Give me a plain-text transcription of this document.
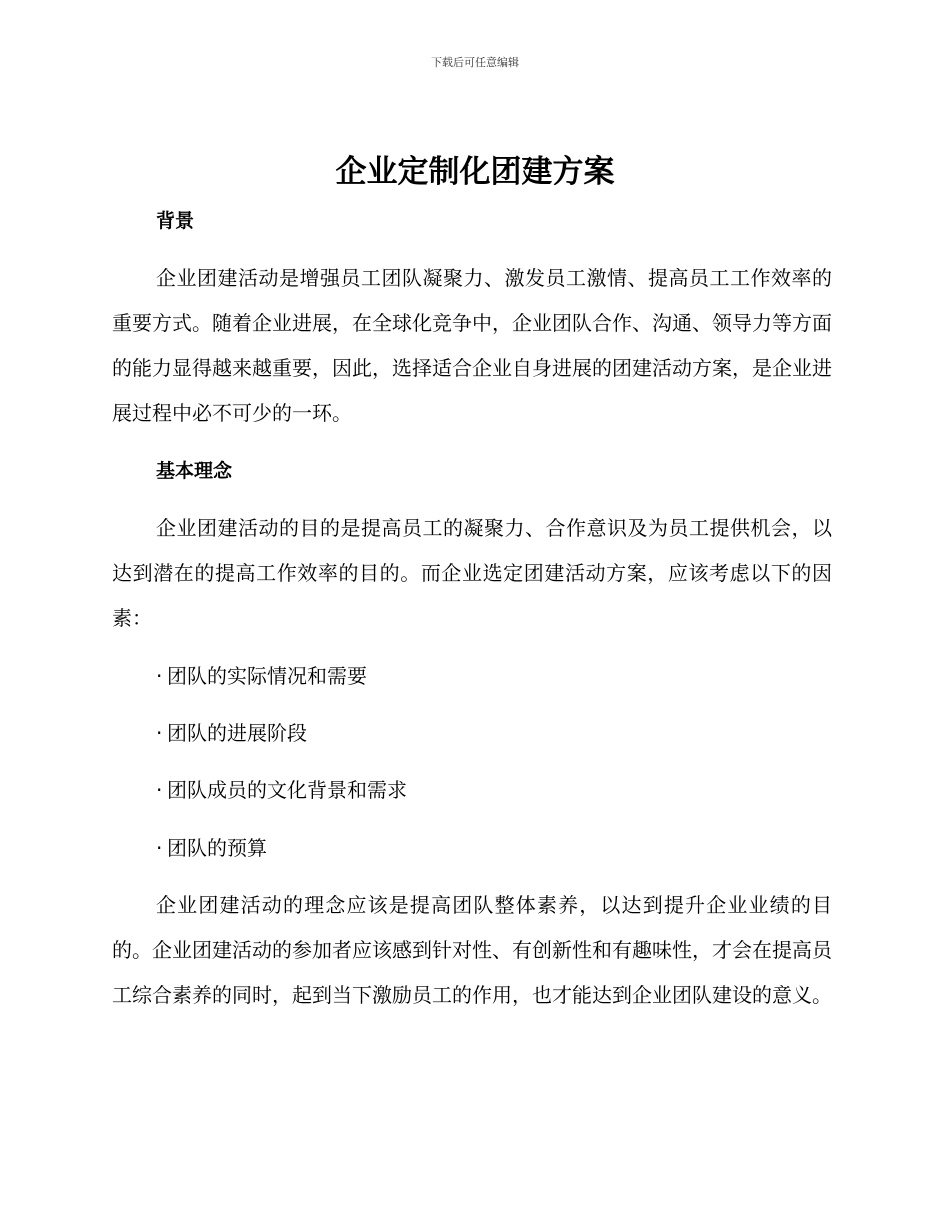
下载后可任意编辑
企业定制化团建方案
背景

企业团建活动是增强员工团队凝聚力、激发员工激情、提高员工工作效率的重要方式。随着企业进展，在全球化竞争中，企业团队合作、沟通、领导力等方面的能力显得越来越重要，因此，选择适合企业自身进展的团建活动方案，是企业进展过程中必不可少的一环。

基本理念

企业团建活动的目的是提高员工的凝聚力、合作意识及为员工提供机会，以达到潜在的提高工作效率的目的。而企业选定团建活动方案，应该考虑以下的因素：

· 团队的实际情况和需要

· 团队的进展阶段

· 团队成员的文化背景和需求

· 团队的预算

企业团建活动的理念应该是提高团队整体素养，以达到提升企业业绩的目的。企业团建活动的参加者应该感到针对性、有创新性和有趣味性，才会在提高员工综合素养的同时，起到当下激励员工的作用，也才能达到企业团队建设的意义。
